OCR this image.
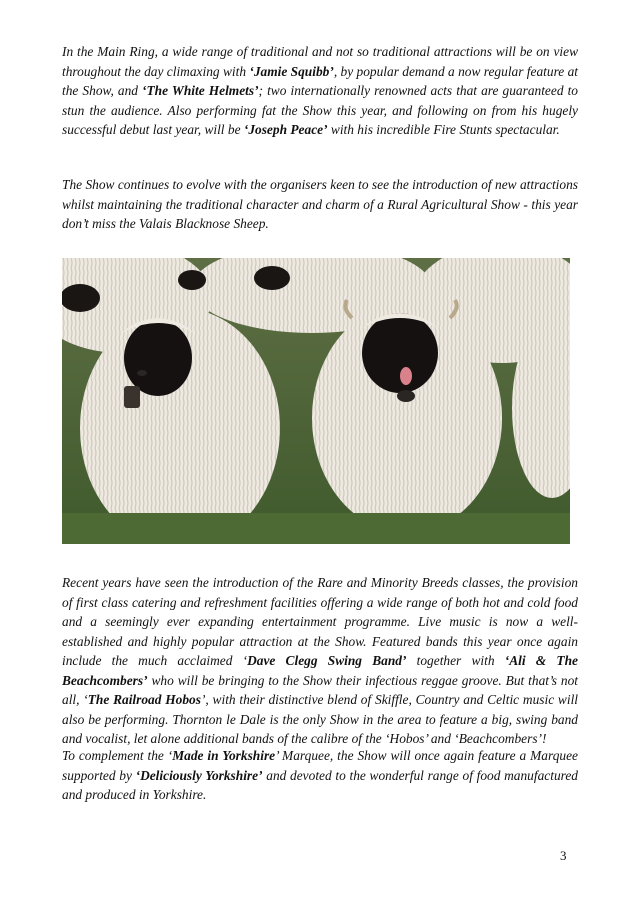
In the Main Ring, a wide range of traditional and not so traditional attractions will be on view throughout the day climaxing with ‘Jamie Squibb’, by popular demand a now regular feature at the Show, and ‘The White Helmets’; two internationally renowned acts that are guaranteed to stun the audience. Also performing fat the Show this year, and following on from his hugely successful debut last year, will be ‘Joseph Peace’ with his incredible Fire Stunts spectacular.

The Show continues to evolve with the organisers keen to see the introduction of new attractions whilst maintaining the traditional character and charm of a Rural Agricultural Show - this year don’t miss the Valais Blacknose Sheep.

Recent years have seen the introduction of the Rare and Minority Breeds classes, the provision of first class catering and refreshment facilities offering a wide range of both hot and cold food and a seemingly ever expanding entertainment programme. Live music is now a well-established and highly popular attraction at the Show. Featured bands this year once again include the much acclaimed ‘Dave Clegg Swing Band’ together with ‘Ali & The Beachcombers’ who will be bringing to the Show their infectious reggae groove. But that’s not all, ‘The Railroad Hobos’, with their distinctive blend of Skiffle, Country and Celtic music will also be performing. Thornton le Dale is the only Show in the area to feature a big, swing band and vocalist, let alone additional bands of the calibre of the ‘Hobos’ and ‘Beachcombers’!

To complement the ‘Made in Yorkshire’ Marquee, the Show will once again feature a Marquee supported by ‘Deliciously Yorkshire’ and devoted to the wonderful range of food manufactured and produced in Yorkshire.

3
